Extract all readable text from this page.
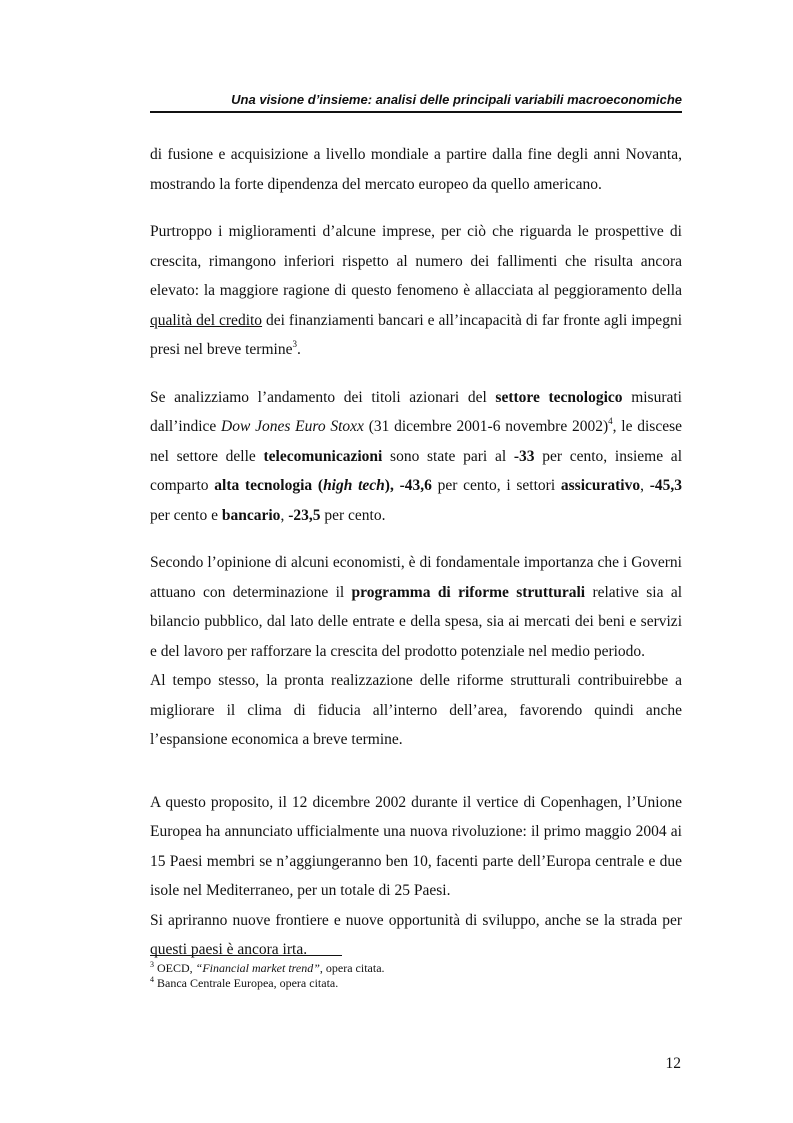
Una visione d’insieme: analisi delle principali variabili macroeconomiche

di fusione e acquisizione a livello mondiale a partire dalla fine degli anni Novanta, mostrando la forte dipendenza del mercato europeo da quello americano.

Purtroppo i miglioramenti d’alcune imprese, per ciò che riguarda le prospettive di crescita, rimangono inferiori rispetto al numero dei fallimenti che risulta ancora elevato: la maggiore ragione di questo fenomeno è allacciata al peggioramento della qualità del credito dei finanziamenti bancari e all’incapacità di far fronte agli impegni presi nel breve termine$^3$.

Se analizziamo l’andamento dei titoli azionari del settore tecnologico misurati dall’indice Dow Jones Euro Stoxx (31 dicembre 2001-6 novembre 2002)$^4$, le discese nel settore delle telecomunicazioni sono state pari al -33 per cento, insieme al comparto alta tecnologia (high tech), -43,6 per cento, i settori assicurativo, -45,3 per cento e bancario, -23,5 per cento.

Secondo l’opinione di alcuni economisti, è di fondamentale importanza che i Governi attuano con determinazione il programma di riforme strutturali relative sia al bilancio pubblico, dal lato delle entrate e della spesa, sia ai mercati dei beni e servizi e del lavoro per rafforzare la crescita del prodotto potenziale nel medio periodo.

Al tempo stesso, la pronta realizzazione delle riforme strutturali contribuirebbe a migliorare il clima di fiducia all’interno dell’area, favorendo quindi anche l’espansione economica a breve termine.

A questo proposito, il 12 dicembre 2002 durante il vertice di Copenhagen, l’Unione Europea ha annunciato ufficialmente una nuova rivoluzione: il primo maggio 2004 ai 15 Paesi membri se n’aggiungeranno ben 10, facenti parte dell’Europa centrale e due isole nel Mediterraneo, per un totale di 25 Paesi.

Si apriranno nuove frontiere e nuove opportunità di sviluppo, anche se la strada per questi paesi è ancora irta.

$^3$ OECD, “Financial market trend”, opera citata.

$^4$ Banca Centrale Europea, opera citata.

12
